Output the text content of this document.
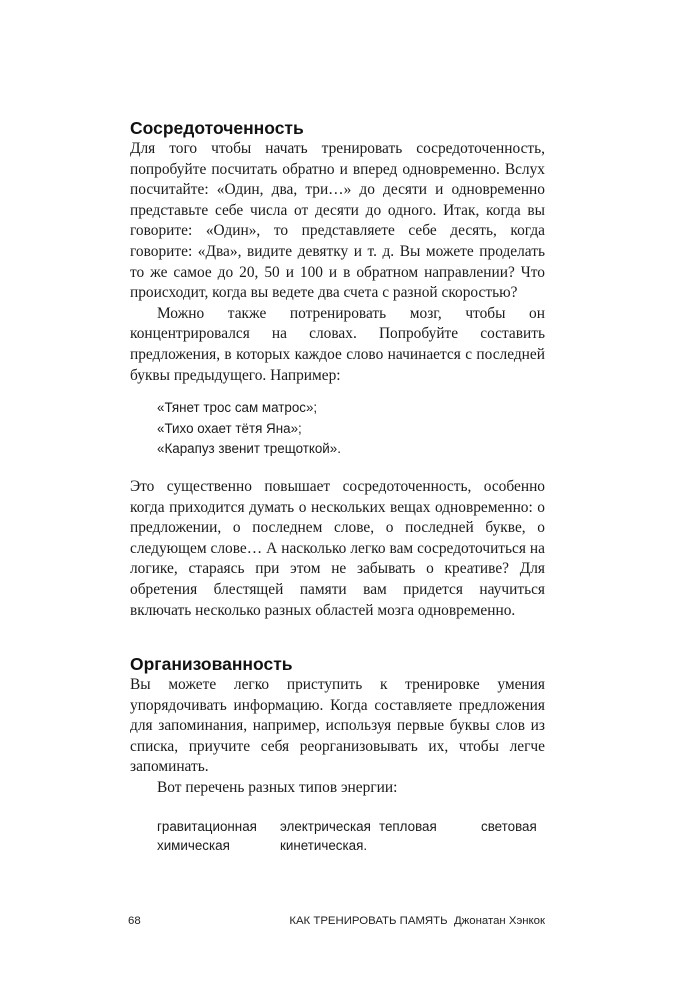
Сосредоточенность

Для того чтобы начать тренировать сосредоточенность, попробуйте посчитать обратно и вперед одновременно. Вслух посчитайте: «Один, два, три…» до десяти и одновременно представьте себе числа от десяти до одного. Итак, когда вы говорите: «Один», то представляете себе десять, когда говорите: «Два», видите девятку и т. д. Вы можете проделать то же самое до 20, 50 и 100 и в обратном направлении? Что происходит, когда вы ведете два счета с разной скоростью?

Можно также потренировать мозг, чтобы он концентрировался на словах. Попробуйте составить предложения, в которых каждое слово начинается с последней буквы предыдущего. Например:

«Тянет трос сам матрос»;
«Тихо охает тётя Яна»;
«Карапуз звенит трещоткой».

Это существенно повышает сосредоточенность, особенно когда приходится думать о нескольких вещах одновременно: о предложении, о последнем слове, о последней букве, о следующем слове… А насколько легко вам сосредоточиться на логике, стараясь при этом не забывать о креативе? Для обретения блестящей памяти вам придется научиться включать несколько разных областей мозга одновременно.

Организованность

Вы можете легко приступить к тренировке умения упорядочивать информацию. Когда составляете предложения для запоминания, например, используя первые буквы слов из списка, приучите себя реорганизовывать их, чтобы легче запоминать.

Вот перечень разных типов энергии:

гравитационная электрическая тепловая	световая
химическая	кинетическая.
68	КАК ТРЕНИРОВАТЬ ПАМЯТЬ Джонатан Хэнкок
